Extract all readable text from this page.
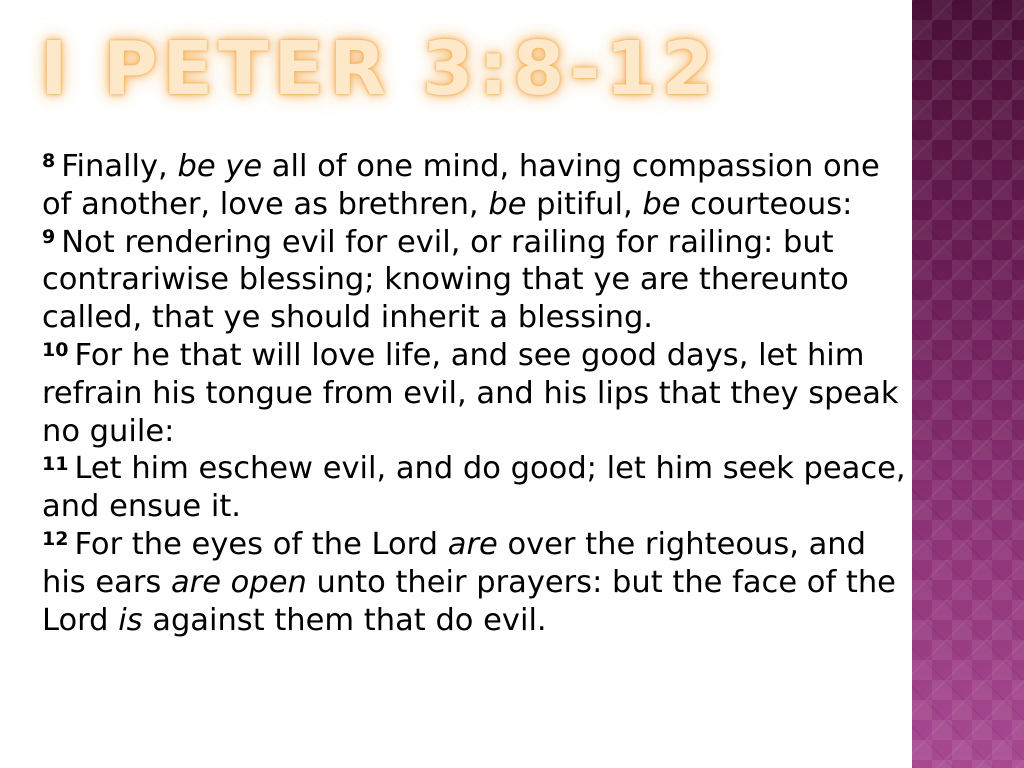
I PETER 3:8-12

$^8$ Finally, be ye all of one mind, having compassion one of another, love as brethren, be pitiful, be courteous:

$^9$ Not rendering evil for evil, or railing for railing: but contrariwise blessing; knowing that ye are thereunto called, that ye should inherit a blessing.

$^{10}$ For he that will love life, and see good days, let him refrain his tongue from evil, and his lips that they speak no guile:

$^{11}$ Let him eschew evil, and do good; let him seek peace, and ensue it.

$^{12}$ For the eyes of the Lord are over the righteous, and his ears are open unto their prayers: but the face of the Lord is against them that do evil.
